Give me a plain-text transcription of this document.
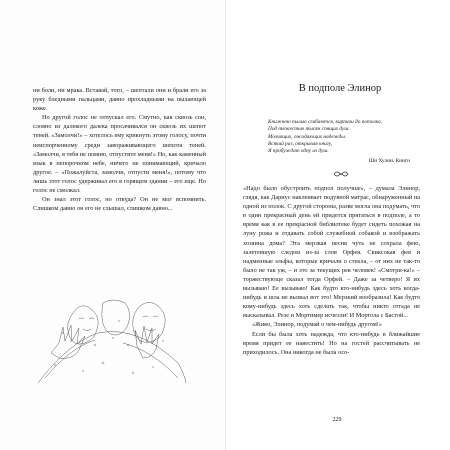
ни боли, ни мрака. Вставай, того, – шептали они и брали его за руку бледными пальцами, давно прохладными на пылающей коже.

Но другой голос не отпускал его. Смутно, как сквозь сон, словно из далекого далека просачивался он сквозь их шепот теней. «Замолчи!» – хотелось ему крикнуть этому голосу, почти неиспорченному среди завораживающего шепота теней. «Замолчи, я тебя не помню, отпустите меня!» Но, как каменный язык в непорочном небе, ничего не понимающий, кричало другое. – «Пожалуйста, замолчи, отпусти меня!», потому что лишь этот голос удерживал его в горящем здании – его еще. Но голос не смолкал.

Он знал этот голос, но откуда? Он не мог вспомнить. Слишком давно он его не слышал, слишком давно...

В подполе Элинор
Книжною пылью сгибаются, кирпичи до потолка,
Под тяжестью тысяч спящих душ.
Молчащих, ожидающих надежды.
Всякий раз, открывая книгу,
Я пробуждаю одну из душ.
Ши Хулин. Книги

«Надо было обустроить подпол получше», – думала Элинор, глядя, как Дариус наклеивает подувной матрас, обнаруженный на одной из полок. С другой стороны, разве могла она подумать, что в один прекрасный день ей придется прятаться в подполе, а то время как в ее прекрасной библиотеке будет сидеть похожая на луну рожа и отдавать собой служебной собакой и изображать хозяина дома? Эта мерзкая песня чуть не сохрала фею, залетевшую следом из-за слов Орфея. Свиксокая фея и надменные эльфы, которые кричали о стекла, – от них не так-то было не так уж, – и это за текущих рек человек! «Смотри-ка!» – торжествующе сказал тогда Орфей. – Даже за четверо! Я их вызываю! Ее вызываю! Как будто кто-нибудь здесь хоть когда-нибудь и шла не вызвал вот это! Мерзкий вообразила! Как будто кому-нибудь здесь хоть сделать так, чтобы никто отгада не высказывал. Резе и Мортимер исчезли! И Мортола с Бастой...

«Живо, Элинор, подумай о чем-нибудь другом!»

Если бы была хоть надежда, что кто-нибудь в ближайшие время придет ее навестить! Но на гостей рассчитывать не приходилось. Она никогда не была осо-

229
